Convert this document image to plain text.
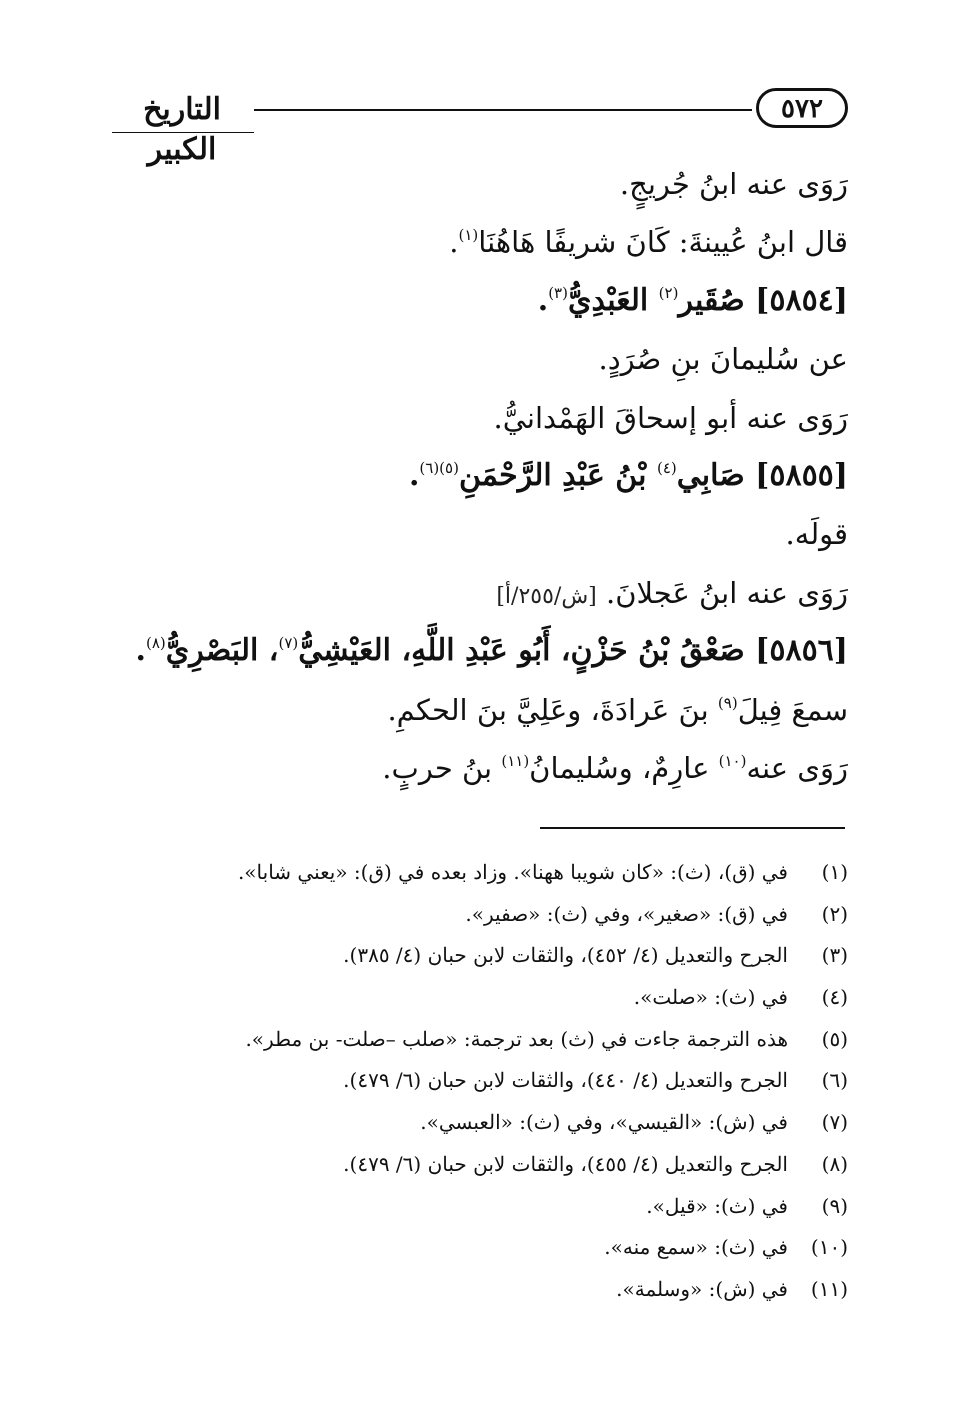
٥٧٢
التاريخ الكبير
رَوَى عنه ابنُ جُريجٍ.
قال ابنُ عُيينةَ: كَانَ شريفًا هَاهُنَا$^{(١)}$.
[٥٨٥٤] صُقَير$^{(٢)}$ العَبْدِيُّ$^{(٣)}$.
عن سُليمانَ بنِ صُرَدٍ.
رَوَى عنه أبو إسحاقَ الهَمْدانيُّ.
[٥٨٥٥] صَابِي$^{(٤)}$ بْنُ عَبْدِ الرَّحْمَنِ$^{(٥)(٦)}$.
قولَه.
رَوَى عنه ابنُ عَجلانَ. [ش/٢٥٥/أ]
[٥٨٥٦] صَعْقُ بْنُ حَزْنٍ، أَبُو عَبْدِ اللَّهِ، العَيْشِيُّ$^{(٧)}$، البَصْرِيُّ$^{(٨)}$.
سمعَ فِيلَ$^{(٩)}$ بنَ عَرادَةَ، وعَلِيَّ بنَ الحكمِ.
رَوَى عنه$^{(١٠)}$ عارِمٌ، وسُليمانُ$^{(١١)}$ بنُ حربٍ.
(١)في (ق)، (ث): «كان شويبا ههنا». وزاد بعده في (ق): «يعني شابا».
(٢)في (ق): «صغير»، وفي (ث): «صفير».
(٣)الجرح والتعديل (٤/ ٤٥٢)، والثقات لابن حبان (٤/ ٣٨٥).
(٤)في (ث): «صلت».
(٥)هذه الترجمة جاءت في (ث) بعد ترجمة: «صلب –صلت- بن مطر».
(٦)الجرح والتعديل (٤/ ٤٤٠)، والثقات لابن حبان (٦/ ٤٧٩).
(٧)في (ش): «القيسي»، وفي (ث): «العبسي».
(٨)الجرح والتعديل (٤/ ٤٥٥)، والثقات لابن حبان (٦/ ٤٧٩).
(٩)في (ث): «قيل».
(١٠)في (ث): «سمع منه».
(١١)في (ش): «وسلمة».
